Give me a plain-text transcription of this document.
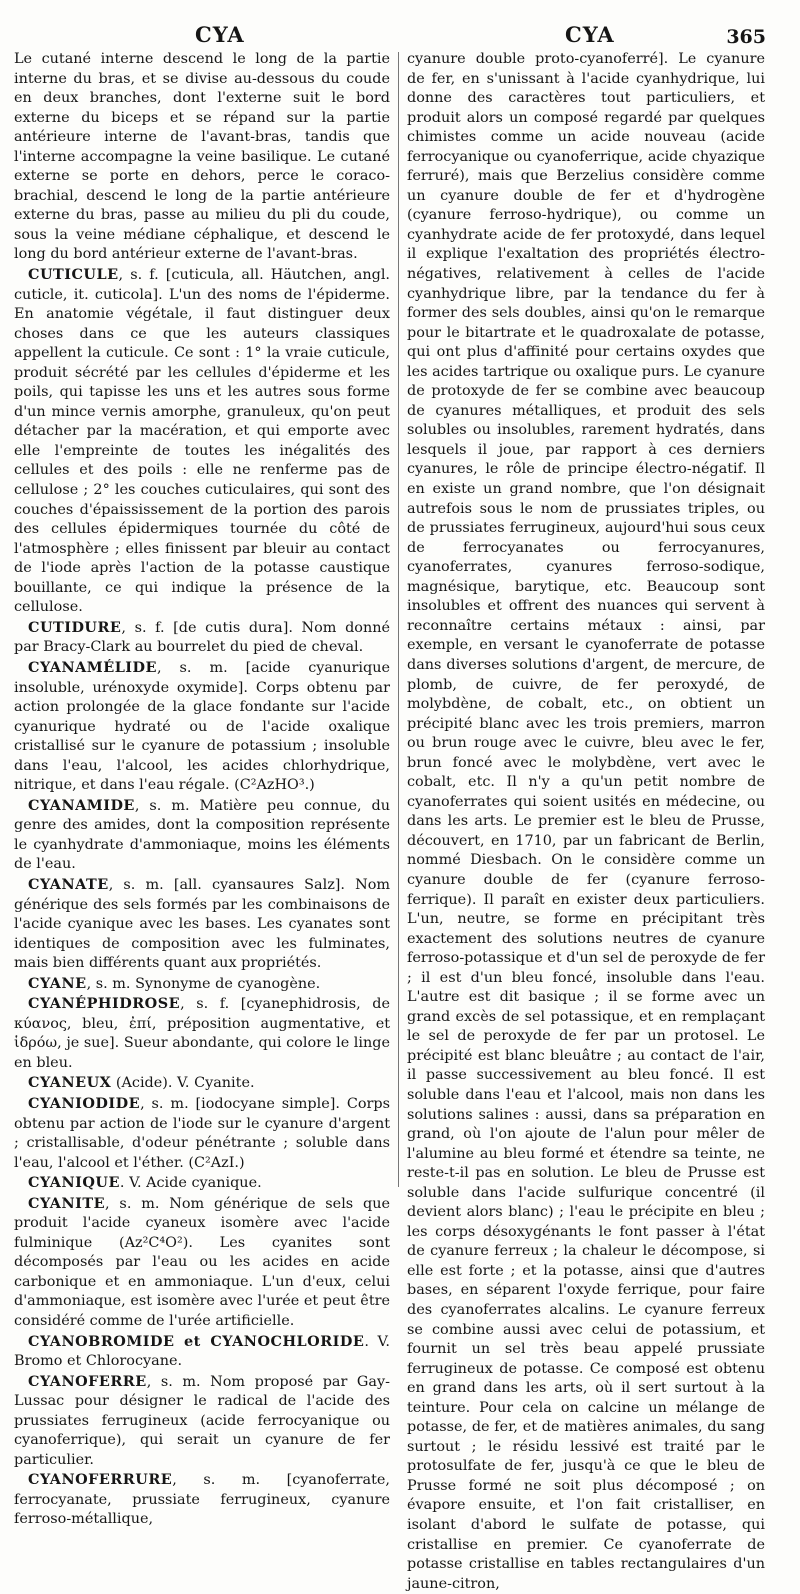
CYA	CYA	365

Le cutané interne descend le long de la partie interne du bras, et se divise au-dessous du coude en deux branches, dont l'externe suit le bord externe du biceps et se répand sur la partie antérieure interne de l'avant-bras, tandis que l'interne accompagne la veine basilique. Le cutané externe se porte en dehors, perce le coraco-brachial, descend le long de la partie antérieure externe du bras, passe au milieu du pli du coude, sous la veine médiane céphalique, et descend le long du bord antérieur externe de l'avant-bras.

CUTICULE, s. f. [cuticula, all. Häutchen, angl. cuticle, it. cuticola]. L'un des noms de l'épiderme. En anatomie végétale, il faut distinguer deux choses dans ce que les auteurs classiques appellent la cuticule. Ce sont : 1° la vraie cuticule, produit sécrété par les cellules d'épiderme et les poils, qui tapisse les uns et les autres sous forme d'un mince vernis amorphe, granuleux, qu'on peut détacher par la macération, et qui emporte avec elle l'empreinte de toutes les inégalités des cellules et des poils : elle ne renferme pas de cellulose ; 2° les couches cuticulaires, qui sont des couches d'épaississement de la portion des parois des cellules épidermiques tournée du côté de l'atmosphère ; elles finissent par bleuir au contact de l'iode après l'action de la potasse caustique bouillante, ce qui indique la présence de la cellulose.

CUTIDURE, s. f. [de cutis dura]. Nom donné par Bracy-Clark au bourrelet du pied de cheval.

CYANAMÉLIDE, s. m. [acide cyanurique insoluble, urénoxyde oxymide]. Corps obtenu par action prolongée de la glace fondante sur l'acide cyanurique hydraté ou de l'acide oxalique cristallisé sur le cyanure de potassium ; insoluble dans l'eau, l'alcool, les acides chlorhydrique, nitrique, et dans l'eau régale. (C²AzHO³.)

CYANAMIDE, s. m. Matière peu connue, du genre des amides, dont la composition représente le cyanhydrate d'ammoniaque, moins les éléments de l'eau.

CYANATE, s. m. [all. cyansaures Salz]. Nom générique des sels formés par les combinaisons de l'acide cyanique avec les bases. Les cyanates sont identiques de composition avec les fulminates, mais bien différents quant aux propriétés.

CYANE, s. m. Synonyme de cyanogène.

CYANÉPHIDROSE, s. f. [cyanephidrosis, de κύανος, bleu, ἐπί, préposition augmentative, et ἱδρόω, je sue]. Sueur abondante, qui colore le linge en bleu.

CYANEUX (Acide). V. Cyanite.

CYANIODIDE, s. m. [iodocyane simple]. Corps obtenu par action de l'iode sur le cyanure d'argent ; cristallisable, d'odeur pénétrante ; soluble dans l'eau, l'alcool et l'éther. (C²AzI.)

CYANIQUE. V. Acide cyanique.

CYANITE, s. m. Nom générique de sels que produit l'acide cyaneux isomère avec l'acide fulminique (Az²C⁴O²). Les cyanites sont décomposés par l'eau ou les acides en acide carbonique et en ammoniaque. L'un d'eux, celui d'ammoniaque, est isomère avec l'urée et peut être considéré comme de l'urée artificielle.

CYANOBROMIDE et CYANOCHLORIDE. V. Bromo et Chlorocyane.

CYANOFERRE, s. m. Nom proposé par Gay-Lussac pour désigner le radical de l'acide des prussiates ferrugineux (acide ferrocyanique ou cyanoferrique), qui serait un cyanure de fer particulier.

CYANOFERRURE, s. m. [cyanoferrate, ferrocyanate, prussiate ferrugineux, cyanure ferroso-métallique,

cyanure double proto-cyanoferré]. Le cyanure de fer, en s'unissant à l'acide cyanhydrique, lui donne des caractères tout particuliers, et produit alors un composé regardé par quelques chimistes comme un acide nouveau (acide ferrocyanique ou cyanoferrique, acide chyazique ferruré), mais que Berzelius considère comme un cyanure double de fer et d'hydrogène (cyanure ferroso-hydrique), ou comme un cyanhydrate acide de fer protoxydé, dans lequel il explique l'exaltation des propriétés électro-négatives, relativement à celles de l'acide cyanhydrique libre, par la tendance du fer à former des sels doubles, ainsi qu'on le remarque pour le bitartrate et le quadroxalate de potasse, qui ont plus d'affinité pour certains oxydes que les acides tartrique ou oxalique purs. Le cyanure de protoxyde de fer se combine avec beaucoup de cyanures métalliques, et produit des sels solubles ou insolubles, rarement hydratés, dans lesquels il joue, par rapport à ces derniers cyanures, le rôle de principe électro-négatif. Il en existe un grand nombre, que l'on désignait autrefois sous le nom de prussiates triples, ou de prussiates ferrugineux, aujourd'hui sous ceux de ferrocyanates ou ferrocyanures, cyanoferrates, cyanures ferroso-sodique, magnésique, barytique, etc. Beaucoup sont insolubles et offrent des nuances qui servent à reconnaître certains métaux : ainsi, par exemple, en versant le cyanoferrate de potasse dans diverses solutions d'argent, de mercure, de plomb, de cuivre, de fer peroxydé, de molybdène, de cobalt, etc., on obtient un précipité blanc avec les trois premiers, marron ou brun rouge avec le cuivre, bleu avec le fer, brun foncé avec le molybdène, vert avec le cobalt, etc. Il n'y a qu'un petit nombre de cyanoferrates qui soient usités en médecine, ou dans les arts. Le premier est le bleu de Prusse, découvert, en 1710, par un fabricant de Berlin, nommé Diesbach. On le considère comme un cyanure double de fer (cyanure ferroso-ferrique). Il paraît en exister deux particuliers. L'un, neutre, se forme en précipitant très exactement des solutions neutres de cyanure ferroso-potassique et d'un sel de peroxyde de fer ; il est d'un bleu foncé, insoluble dans l'eau. L'autre est dit basique ; il se forme avec un grand excès de sel potassique, et en remplaçant le sel de peroxyde de fer par un protosel. Le précipité est blanc bleuâtre ; au contact de l'air, il passe successivement au bleu foncé. Il est soluble dans l'eau et l'alcool, mais non dans les solutions salines : aussi, dans sa préparation en grand, où l'on ajoute de l'alun pour mêler de l'alumine au bleu formé et étendre sa teinte, ne reste-t-il pas en solution. Le bleu de Prusse est soluble dans l'acide sulfurique concentré (il devient alors blanc) ; l'eau le précipite en bleu ; les corps désoxygénants le font passer à l'état de cyanure ferreux ; la chaleur le décompose, si elle est forte ; et la potasse, ainsi que d'autres bases, en séparent l'oxyde ferrique, pour faire des cyanoferrates alcalins. Le cyanure ferreux se combine aussi avec celui de potassium, et fournit un sel très beau appelé prussiate ferrugineux de potasse. Ce composé est obtenu en grand dans les arts, où il sert surtout à la teinture. Pour cela on calcine un mélange de potasse, de fer, et de matières animales, du sang surtout ; le résidu lessivé est traité par le protosulfate de fer, jusqu'à ce que le bleu de Prusse formé ne soit plus décomposé ; on évapore ensuite, et l'on fait cristalliser, en isolant d'abord le sulfate de potasse, qui cristallise en premier. Ce cyanoferrate de potasse cristallise en tables rectangulaires d'un jaune-citron,
